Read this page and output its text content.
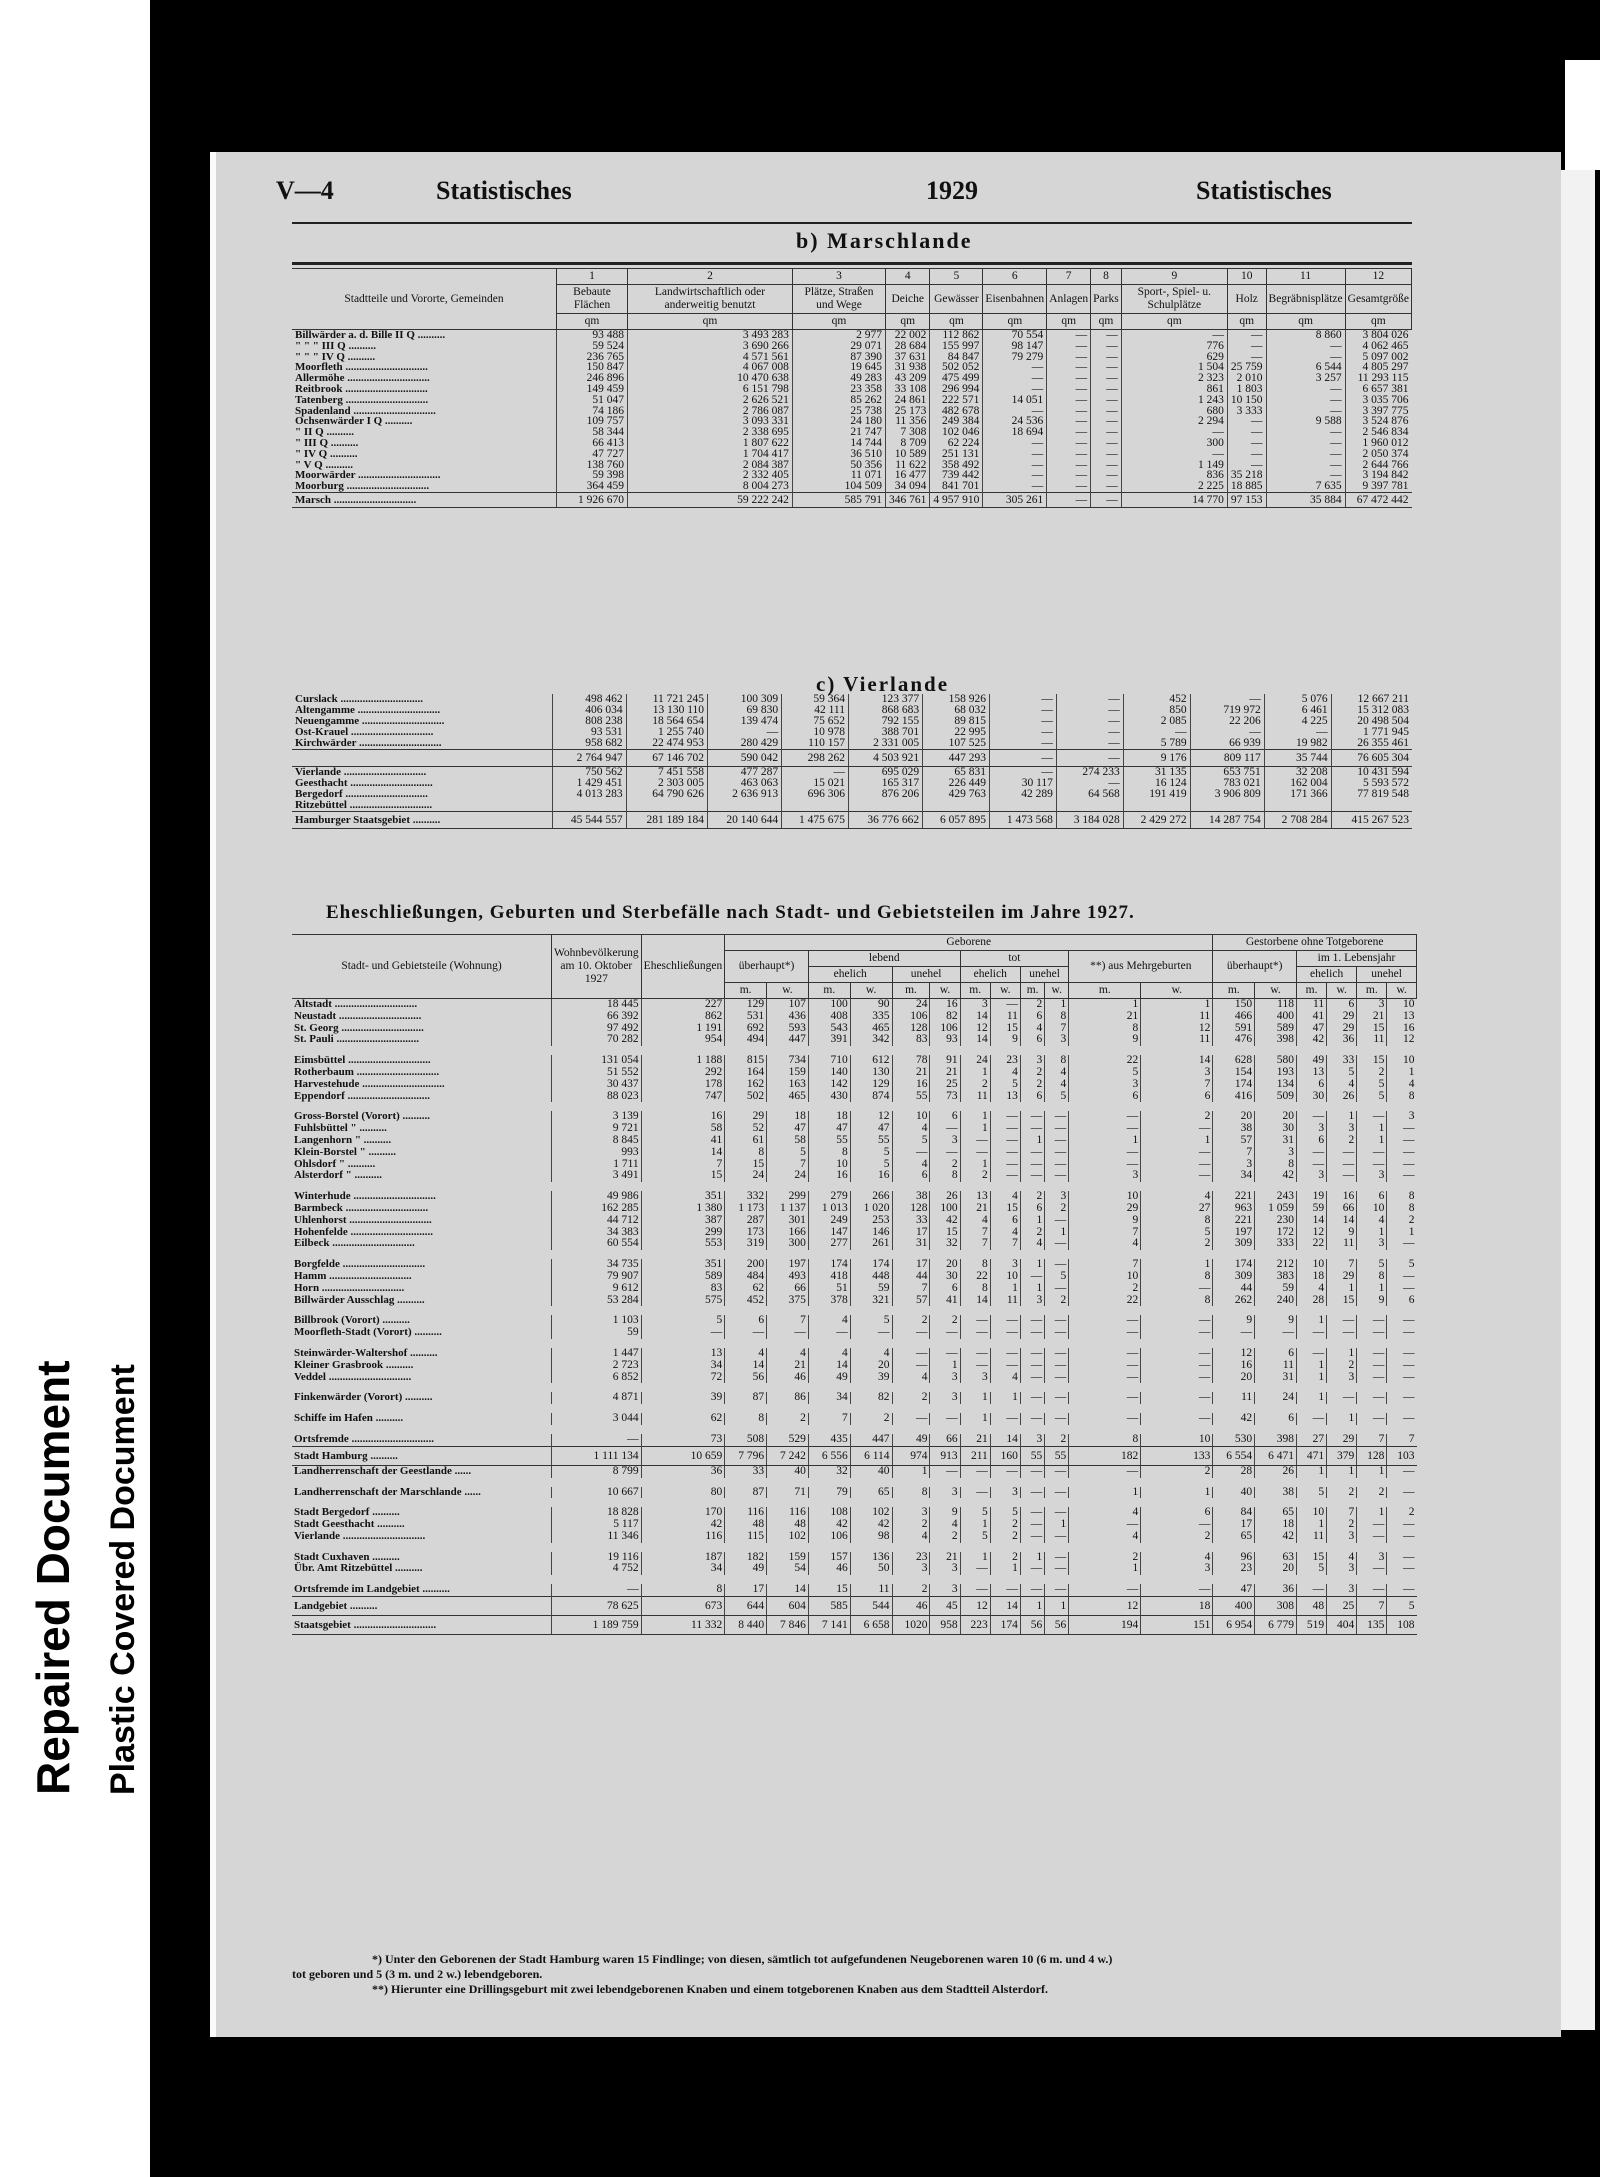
Repaired Document Plastic Covered Document
V—4	Statistisches	1929	Statistisches
b) Marschlande
Stadtteile und Vororte, Gemeinden	1	2	3	4	5	6	7	8	9	10	11	12
	Bebaute Flächen	Landwirtschaftlich oder anderweitig benutzt	Plätze, Straßen und Wege	Deiche	Gewässer	Eisenbahnen	Anlagen	Parks	Sport-, Spiel- u. Schulplätze	Holz	Begräbnisplätze	Gesamtgröße
	qm	qm	qm	qm	qm	qm	qm	qm	qm	qm	qm	qm
Billwärder a. d. Bille II Q ..........	93 488	3 493 283	2 977	22 002	112 862	70 554	—	—	—	—	8 860	3 804 026
" " " III Q ..........	59 524	3 690 266	29 071	28 684	155 997	98 147	—	—	776	—	—	4 062 465
" " " IV Q ..........	236 765	4 571 561	87 390	37 631	84 847	79 279	—	—	629	—	—	5 097 002
Moorfleth ..............................	150 847	4 067 008	19 645	31 938	502 052	—	—	—	1 504	25 759	6 544	4 805 297
Allermöhe ..............................	246 896	10 470 638	49 283	43 209	475 499	—	—	—	2 323	2 010	3 257	11 293 115
Reitbrook ..............................	149 459	6 151 798	23 358	33 108	296 994	—	—	—	861	1 803	—	6 657 381
Tatenberg ..............................	51 047	2 626 521	85 262	24 861	222 571	14 051	—	—	1 243	10 150	—	3 035 706
Spadenland ..............................	74 186	2 786 087	25 738	25 173	482 678	—	—	—	680	3 333	—	3 397 775
Ochsenwärder I Q ..........	109 757	3 093 331	24 180	11 356	249 384	24 536	—	—	2 294	—	9 588	3 524 876
" II Q ..........	58 344	2 338 695	21 747	7 308	102 046	18 694	—	—	—	—	—	2 546 834
" III Q ..........	66 413	1 807 622	14 744	8 709	62 224	—	—	—	300	—	—	1 960 012
" IV Q ..........	47 727	1 704 417	36 510	10 589	251 131	—	—	—	—	—	—	2 050 374
" V Q ..........	138 760	2 084 387	50 356	11 622	358 492	—	—	—	1 149	—	—	2 644 766
Moorwärder ..............................	59 398	2 332 405	11 071	16 477	739 442	—	—	—	836	35 218	—	3 194 842
Moorburg ..............................	364 459	8 004 273	104 509	34 094	841 701	—	—	—	2 225	18 885	7 635	9 397 781
Marsch ..............................	1 926 670	59 222 242	585 791	346 761	4 957 910	305 261	—	—	14 770	97 153	35 884	67 472 442
c) Vierlande
Curslack ..............................	498 462	11 721 245	100 309	59 364	123 377	158 926	—	—	452	—	5 076	12 667 211
Altengamme ..............................	406 034	13 130 110	69 830	42 111	868 683	68 032	—	—	850	719 972	6 461	15 312 083
Neuengamme ..............................	808 238	18 564 654	139 474	75 652	792 155	89 815	—	—	2 085	22 206	4 225	20 498 504
Ost-Krauel ..............................	93 531	1 255 740	—	10 978	388 701	22 995	—	—	—	—	—	1 771 945
Kirchwärder ..............................	958 682	22 474 953	280 429	110 157	2 331 005	107 525	—	—	5 789	66 939	19 982	26 355 461
	2 764 947	67 146 702	590 042	298 262	4 503 921	447 293	—	—	9 176	809 117	35 744	76 605 304
Vierlande ..............................	750 562	7 451 558	477 287	—	695 029	65 831	—	274 233	31 135	653 751	32 208	10 431 594
Geesthacht ..............................	1 429 451	2 303 005	463 063	15 021	165 317	226 449	30 117	—	16 124	783 021	162 004	5 593 572
Bergedorf ..............................	4 013 283	64 790 626	2 636 913	696 306	876 206	429 763	42 289	64 568	191 419	3 906 809	171 366	77 819 548
Ritzebüttel ..............................												
Hamburger Staatsgebiet ..........	45 544 557	281 189 184	20 140 644	1 475 675	36 776 662	6 057 895	1 473 568	3 184 028	2 429 272	14 287 754	2 708 284	415 267 523
Eheschließungen, Geburten und Sterbefälle nach Stadt- und Gebietsteilen im Jahre 1927.
Stadt- und Gebietsteile (Wohnung)	Wohnbevölkerung am 10. Oktober 1927	Eheschließungen	Geborene												Gestorbene ohne Totgeborene					
			überhaupt*)		lebend				tot				**) aus Mehrgeburten		überhaupt*)		im 1. Lebensjahr			
					ehelich		unehel		ehelich		unehel						ehelich		unehel	
			m.	w.	m.	w.	m.	w.	m.	w.	m.	w.	m.	w.	m.	w.	m.	w.	m.	w.
Altstadt ..............................	18 445	227	129	107	100	90	24	16	3	—	2	1	1	1	150	118	11	6	3	10
Neustadt ..............................	66 392	862	531	436	408	335	106	82	14	11	6	8	21	11	466	400	41	29	21	13
St. Georg ..............................	97 492	1 191	692	593	543	465	128	106	12	15	4	7	8	12	591	589	47	29	15	16
St. Pauli ..............................	70 282	954	494	447	391	342	83	93	14	9	6	3	9	11	476	398	42	36	11	12

Eimsbüttel ..............................	131 054	1 188	815	734	710	612	78	91	24	23	3	8	22	14	628	580	49	33	15	10
Rotherbaum ..............................	51 552	292	164	159	140	130	21	21	1	4	2	4	5	3	154	193	13	5	2	1
Harvestehude ..............................	30 437	178	162	163	142	129	16	25	2	5	2	4	3	7	174	134	6	4	5	4
Eppendorf ..............................	88 023	747	502	465	430	874	55	73	11	13	6	5	6	6	416	509	30	26	5	8

Gross-Borstel (Vorort) ..........	3 139	16	29	18	18	12	10	6	1	—	—	—	—	2	20	20	—	1	—	3
Fuhlsbüttel " ..........	9 721	58	52	47	47	47	4	—	1	—	—	—	—	—	38	30	3	3	1	—
Langenhorn " ..........	8 845	41	61	58	55	55	5	3	—	—	1	—	1	1	57	31	6	2	1	—
Klein-Borstel " ..........	993	14	8	5	8	5	—	—	—	—	—	—	—	—	7	3	—	—	—	—
Ohlsdorf " ..........	1 711	7	15	7	10	5	4	2	1	—	—	—	—	—	3	8	—	—	—	—
Alsterdorf " ..........	3 491	15	24	24	16	16	6	8	2	—	—	—	3	—	34	42	3	—	3	—

Winterhude ..............................	49 986	351	332	299	279	266	38	26	13	4	2	3	10	4	221	243	19	16	6	8
Barmbeck ..............................	162 285	1 380	1 173	1 137	1 013	1 020	128	100	21	15	6	2	29	27	963	1 059	59	66	10	8
Uhlenhorst ..............................	44 712	387	287	301	249	253	33	42	4	6	1	—	9	8	221	230	14	14	4	2
Hohenfelde ..............................	34 383	299	173	166	147	146	17	15	7	4	2	1	7	5	197	172	12	9	1	1
Eilbeck ..............................	60 554	553	319	300	277	261	31	32	7	7	4	—	4	2	309	333	22	11	3	—

Borgfelde ..............................	34 735	351	200	197	174	174	17	20	8	3	1	—	7	1	174	212	10	7	5	5
Hamm ..............................	79 907	589	484	493	418	448	44	30	22	10	—	5	10	8	309	383	18	29	8	—
Horn ..............................	9 612	83	62	66	51	59	7	6	8	1	1	—	2	—	44	59	4	1	1	—
Billwärder Ausschlag ..........	53 284	575	452	375	378	321	57	41	14	11	3	2	22	8	262	240	28	15	9	6

Billbrook (Vorort) ..........	1 103	5	6	7	4	5	2	2	—	—	—	—	—	—	9	9	1	—	—	—
Moorfleth-Stadt (Vorort) ..........	59	—	—	—	—	—	—	—	—	—	—	—	—	—	—	—	—	—	—	—

Steinwärder-Waltershof ..........	1 447	13	4	4	4	4	—	—	—	—	—	—	—	—	12	6	—	1	—	—
Kleiner Grasbrook ..........	2 723	34	14	21	14	20	—	1	—	—	—	—	—	—	16	11	1	2	—	—
Veddel ..............................	6 852	72	56	46	49	39	4	3	3	4	—	—	—	—	20	31	1	3	—	—

Finkenwärder (Vorort) ..........	4 871	39	87	86	34	82	2	3	1	1	—	—	—	—	11	24	1	—	—	—

Schiffe im Hafen ..........	3 044	62	8	2	7	2	—	—	1	—	—	—	—	—	42	6	—	1	—	—

Ortsfremde ..............................	—	73	508	529	435	447	49	66	21	14	3	2	8	10	530	398	27	29	7	7
Stadt Hamburg ..........	1 111 134	10 659	7 796	7 242	6 556	6 114	974	913	211	160	55	55	182	133	6 554	6 471	471	379	128	103
Landherrenschaft der Geestlande ......	8 799	36	33	40	32	40	1	—	—	—	—	—	—	2	28	26	1	1	1	—

Landherrenschaft der Marschlande ......	10 667	80	87	71	79	65	8	3	—	3	—	—	1	1	40	38	5	2	2	—

Stadt Bergedorf ..........	18 828	170	116	116	108	102	3	9	5	5	—	—	4	6	84	65	10	7	1	2
Stadt Geesthacht ..........	5 117	42	48	48	42	42	2	4	1	2	—	1	—	—	17	18	1	2	—	—
Vierlande ..............................	11 346	116	115	102	106	98	4	2	5	2	—	—	4	2	65	42	11	3	—	—

Stadt Cuxhaven ..........	19 116	187	182	159	157	136	23	21	1	2	1	—	2	4	96	63	15	4	3	—
Übr. Amt Ritzebüttel ..........	4 752	34	49	54	46	50	3	3	—	1	—	—	1	3	23	20	5	3	—	—

Ortsfremde im Landgebiet ..........	—	8	17	14	15	11	2	3	—	—	—	—	—	—	47	36	—	3	—	—
Landgebiet ..........	78 625	673	644	604	585	544	46	45	12	14	1	1	12	18	400	308	48	25	7	5
Staatsgebiet ..............................	1 189 759	11 332	8 440	7 846	7 141	6 658	1020	958	223	174	56	56	194	151	6 954	6 779	519	404	135	108
*) Unter den Geborenen der Stadt Hamburg waren 15 Findlinge; von diesen, sämtlich tot aufgefundenen Neugeborenen waren 10 (6 m. und 4 w.)
tot geboren und 5 (3 m. und 2 w.) lebendgeboren.
**) Hierunter eine Drillingsgeburt mit zwei lebendgeborenen Knaben und einem totgeborenen Knaben aus dem Stadtteil Alsterdorf.
